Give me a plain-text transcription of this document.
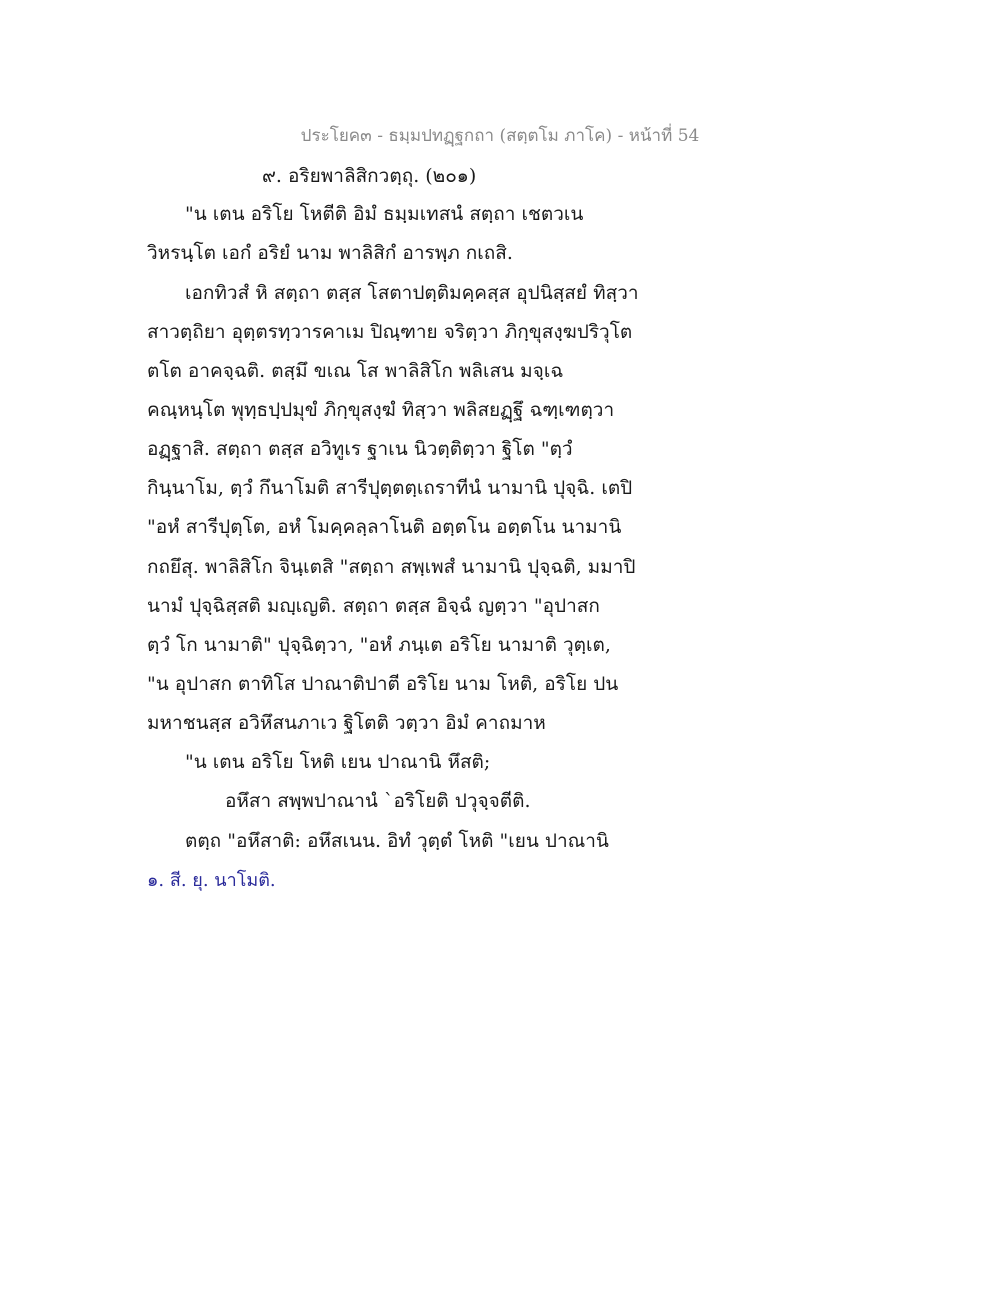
ประโยค๓ - ธมฺมปทฏฺฐกถา (สตฺตโม ภาโค) - หน้าที่ 54
๙. อริยพาลิสิกวตฺถุ. (๒๐๑)
"น เตน อริโย โหตีติ อิมํ ธมฺมเทสนํ สตฺถา เชตวเน
วิหรนฺโต เอกํ อริยํ นาม พาลิสิกํ อารพฺภ กเถสิ.
เอกทิวสํ หิ สตฺถา ตสฺส โสตาปตฺติมคฺคสฺส อุปนิสฺสยํ ทิสฺวา
สาวตฺถิยา อุตฺตรทฺวารคาเม ปิณฺฑาย จริตฺวา ภิกฺขุสงฺฆปริวุโต
ตโต อาคจฺฉติ. ตสฺมึ ขเณ โส พาลิสิโก พลิเสน มจฺเฉ
คณฺหนฺโต พุทฺธปฺปมุขํ ภิกฺขุสงฺฆํ ทิสฺวา พลิสยฏฺฐึ ฉฑฺเฑตฺวา
อฏฺฐาสิ. สตฺถา ตสฺส อวิทูเร ฐาเน นิวตฺติตฺวา ฐิโต "ตฺวํ
กินฺนาโม, ตฺวํ กึนาโมติ สารีปุตฺตตฺเถราทีนํ นามานิ ปุจฺฉิ. เตปิ
"อหํ สารีปุตฺโต, อหํ โมคฺคลฺลาโนติ อตฺตโน อตฺตโน นามานิ
กถยึสุ. พาลิสิโก จินฺเตสิ "สตฺถา สพฺเพสํ นามานิ ปุจฺฉติ, มมาปิ
นามํ ปุจฺฉิสฺสติ มญฺเญติ. สตฺถา ตสฺส อิจฺฉํ ญตฺวา "อุปาสก
ตฺวํ โก นามาติ" ปุจฺฉิตฺวา, "อหํ ภนฺเต อริโย นามาติ วุตฺเต,
"น อุปาสก ตาทิโส ปาณาติปาตี อริโย นาม โหติ, อริโย ปน
มหาชนสฺส อวิหึสนภาเว ฐิโตติ วตฺวา อิมํ คาถมาห
"น เตน อริโย โหติ เยน ปาณานิ หึสติ;
อหึสา สพฺพปาณานํ `อริโยติ ปวุจฺจตีติ.
ตตฺถ "อหึสาติ: อหึสเนน. อิทํ วุตฺตํ โหติ "เยน ปาณานิ
๑. สี. ยุ. นาโมติ.
